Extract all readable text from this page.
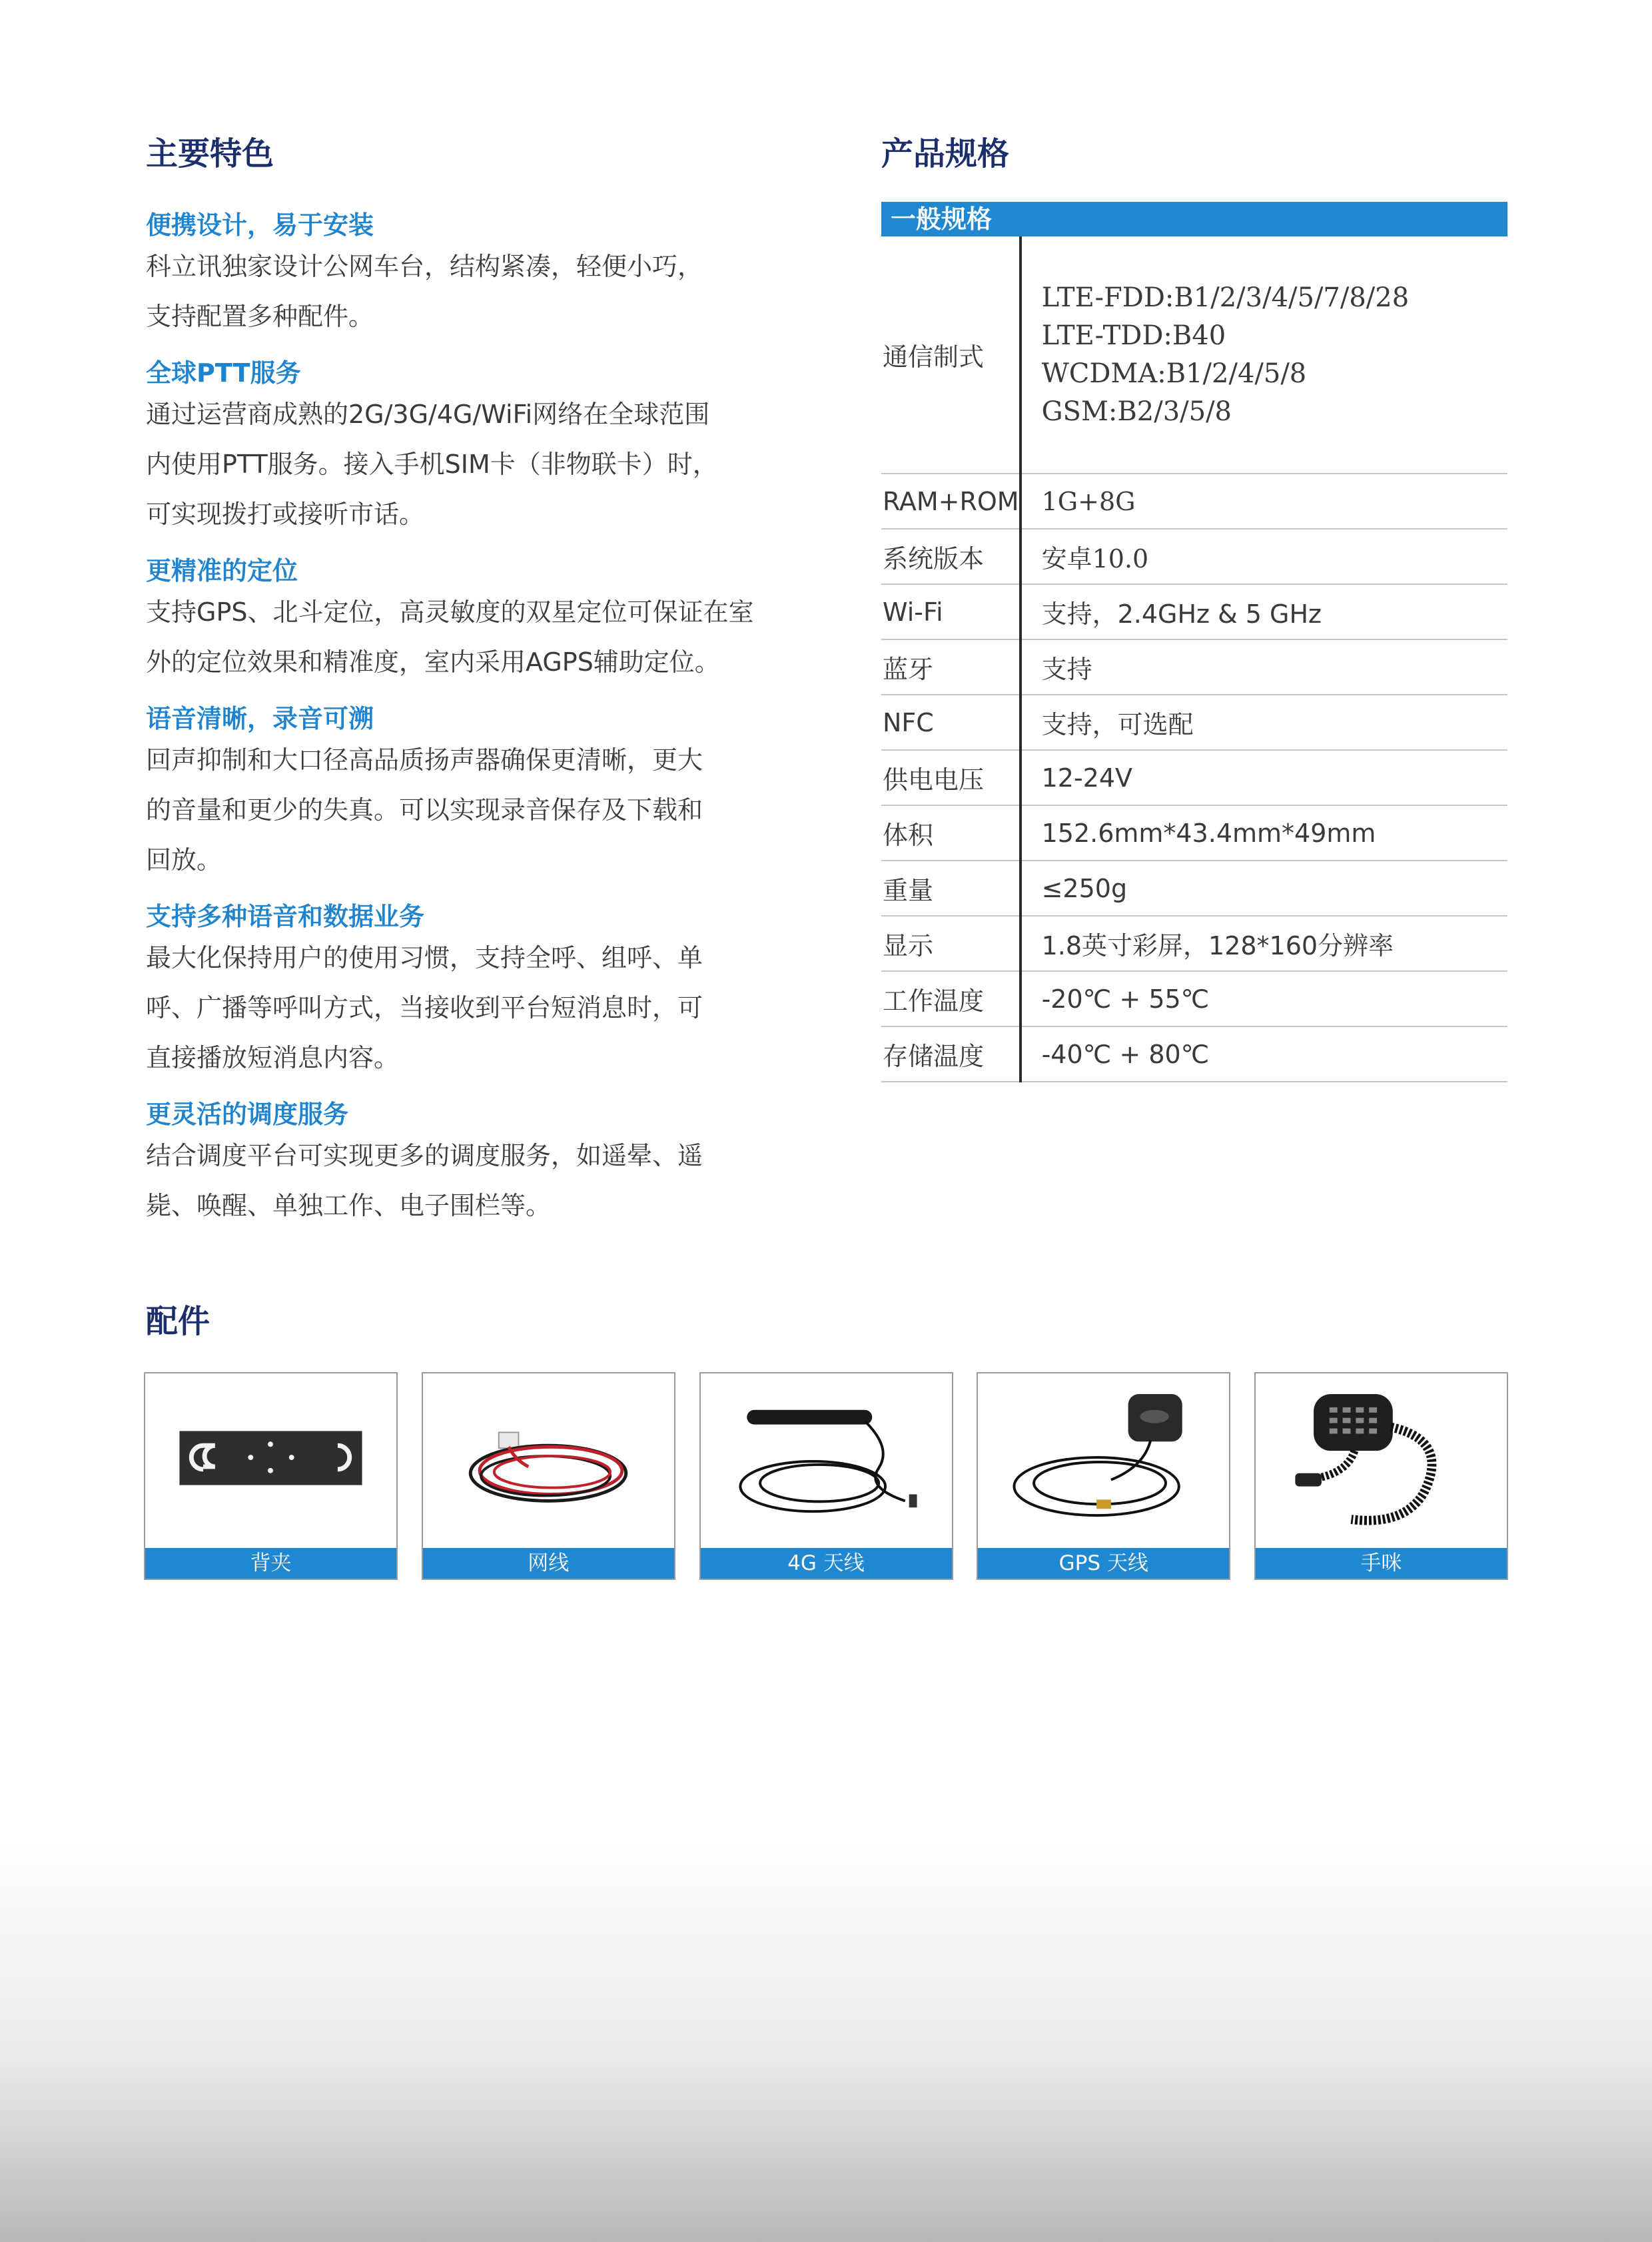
主要特色
便携设计，易于安装
科立讯独家设计公网车台，结构紧凑，轻便小巧，
支持配置多种配件。
全球PTT服务
通过运营商成熟的2G/3G/4G/WiFi网络在全球范围
内使用PTT服务。接入手机SIM卡（非物联卡）时，
可实现拨打或接听市话。
更精准的定位
支持GPS、北斗定位，高灵敏度的双星定位可保证在室
外的定位效果和精准度，室内采用AGPS辅助定位。
语音清晰，录音可溯
回声抑制和大口径高品质扬声器确保更清晰，更大
的音量和更少的失真。可以实现录音保存及下载和
回放。
支持多种语音和数据业务
最大化保持用户的使用习惯，支持全呼、组呼、单
呼、广播等呼叫方式，当接收到平台短消息时，可
直接播放短消息内容。
更灵活的调度服务
结合调度平台可实现更多的调度服务，如遥晕、遥
毙、唤醒、单独工作、电子围栏等。
产品规格
一般规格
通信制式	LTE-FDD:B1/2/3/4/5/7/8/28
LTE-TDD:B40
WCDMA:B1/2/4/5/8
GSM:B2/3/5/8

RAM+ROM	1G+8G
系统版本	安卓10.0
Wi-Fi	支持，2.4GHz & 5 GHz
蓝牙	支持
NFC	支持，可选配
供电电压	12-24V
体积	152.6mm*43.4mm*49mm
重量	≤250g
显示	1.8英寸彩屏，128*160分辨率
工作温度	-20℃ + 55℃
存储温度	-40℃ + 80℃
配件
背夹	网线	4G 天线	GPS 天线	手咪
